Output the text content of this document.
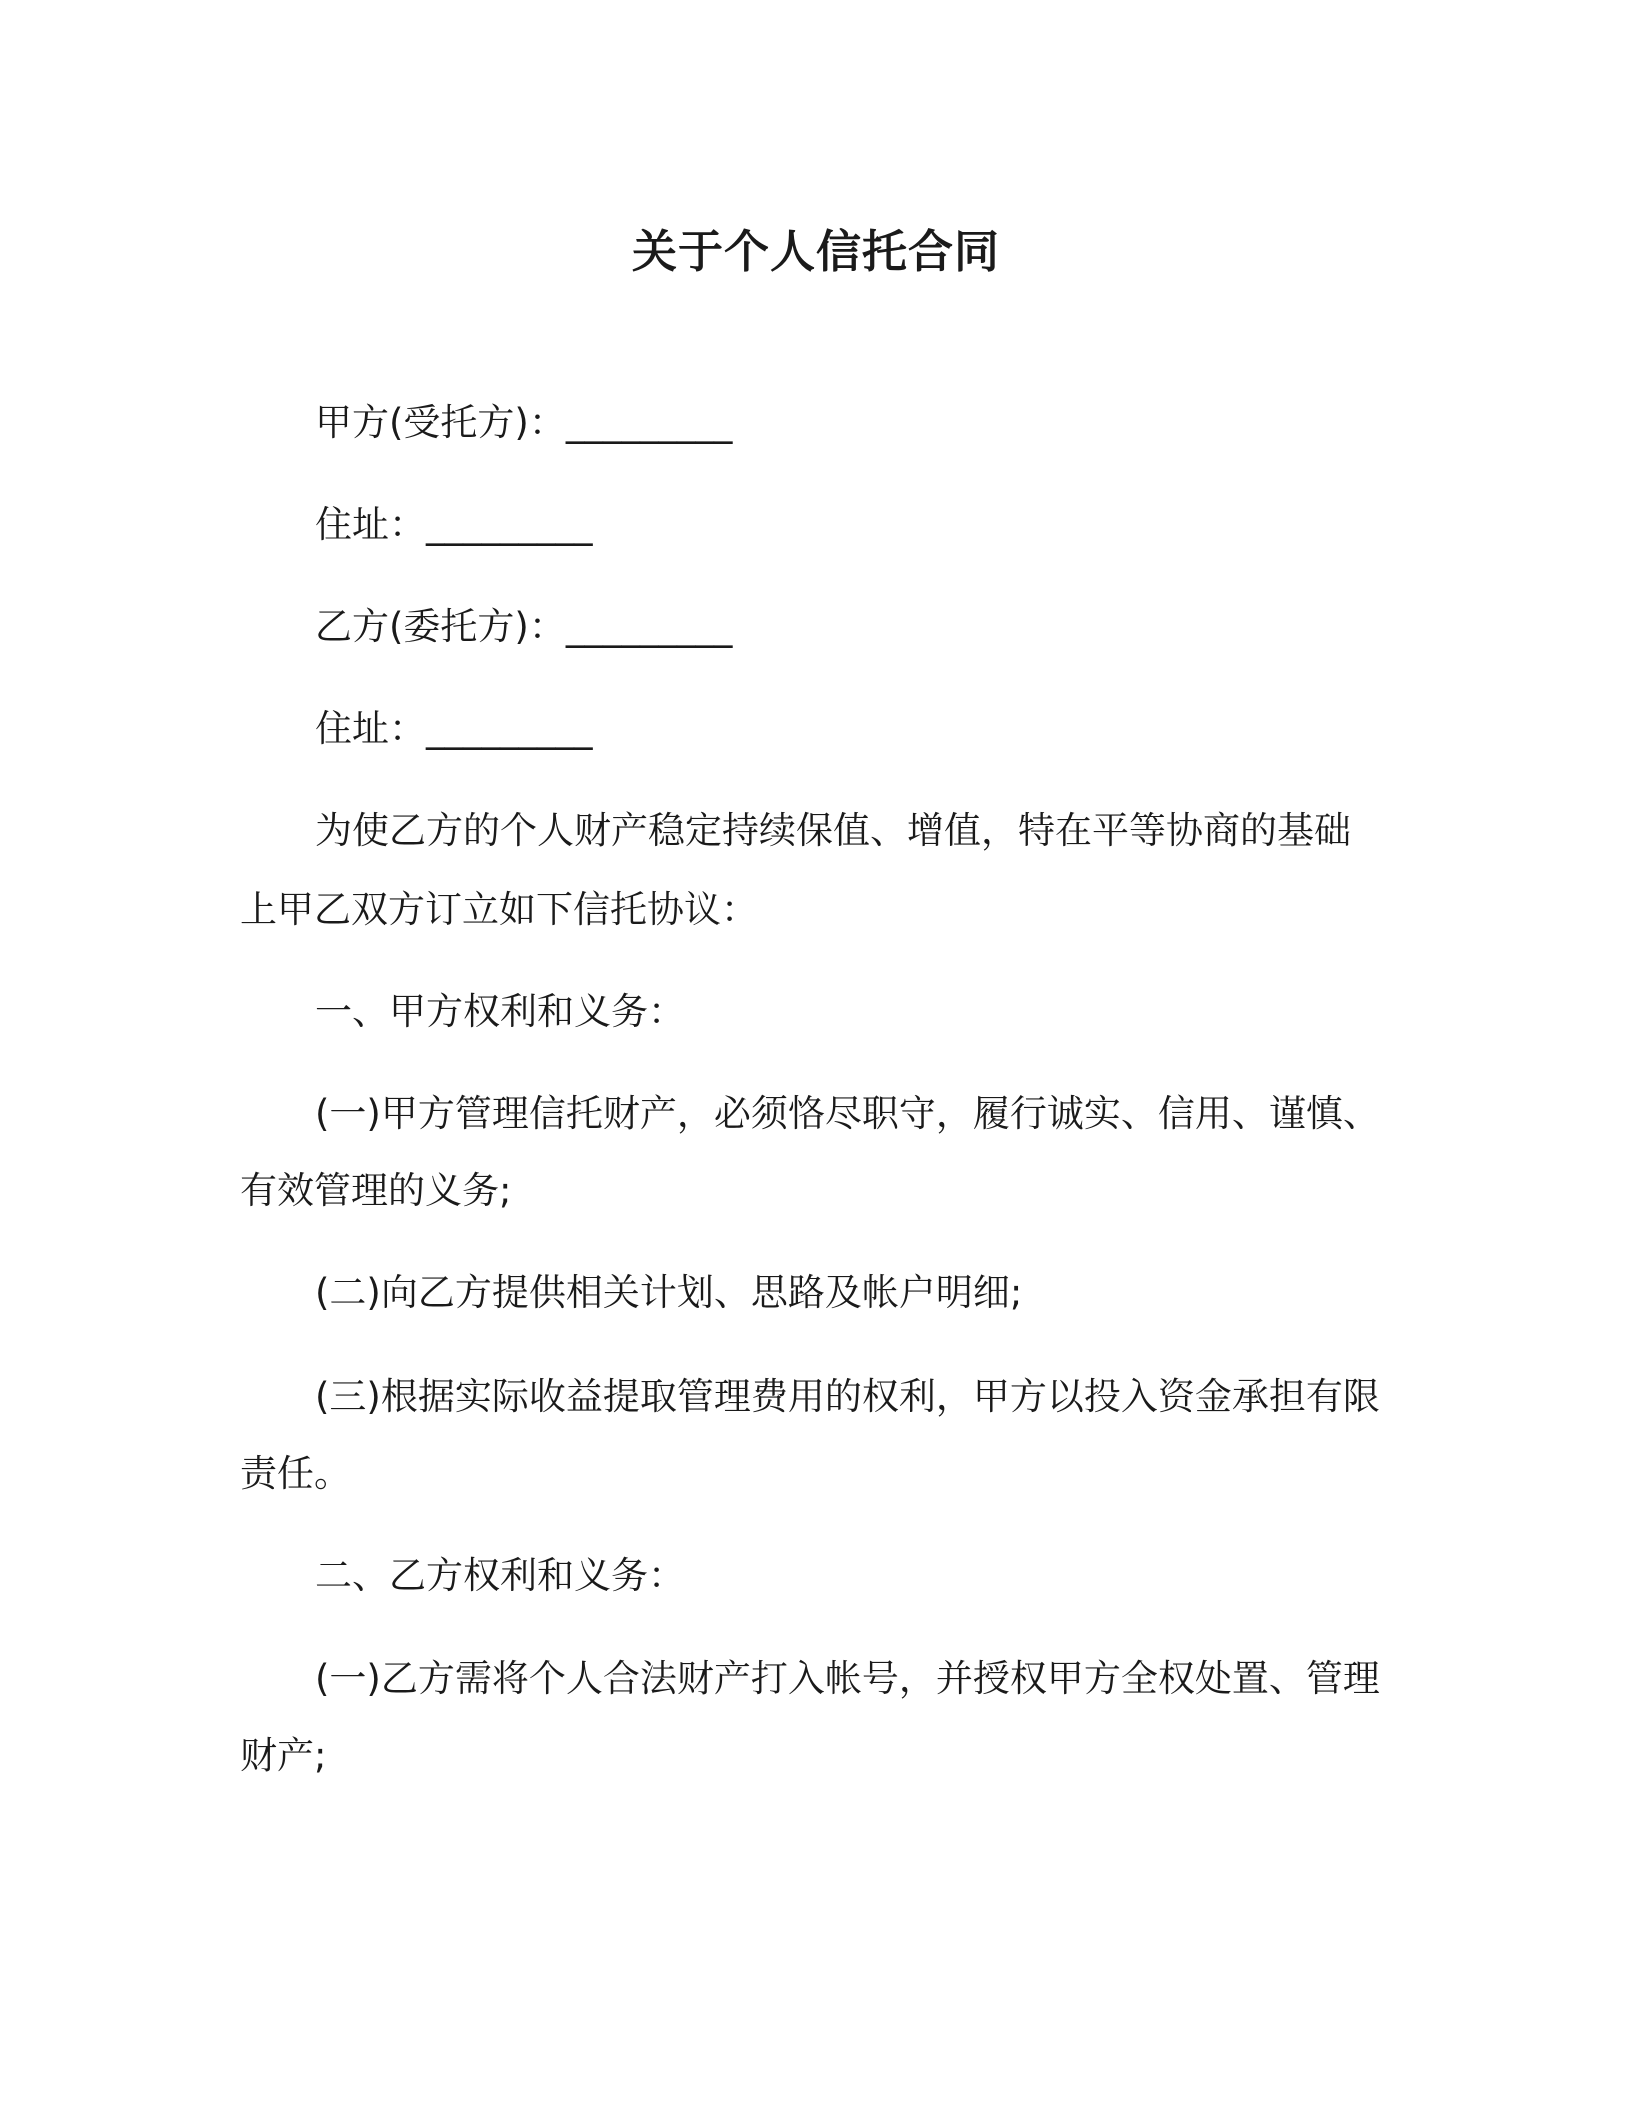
关于个人信托合同
甲方(受托方)：_________
住址：_________
乙方(委托方)：_________
住址：_________
为使乙方的个人财产稳定持续保值、增值，特在平等协商的基础
上甲乙双方订立如下信托协议：
一、甲方权利和义务：
(一)甲方管理信托财产，必须恪尽职守，履行诚实、信用、谨慎、
有效管理的义务;
(二)向乙方提供相关计划、思路及帐户明细;
(三)根据实际收益提取管理费用的权利，甲方以投入资金承担有限
责任。
二、乙方权利和义务：
(一)乙方需将个人合法财产打入帐号，并授权甲方全权处置、管理
财产;
